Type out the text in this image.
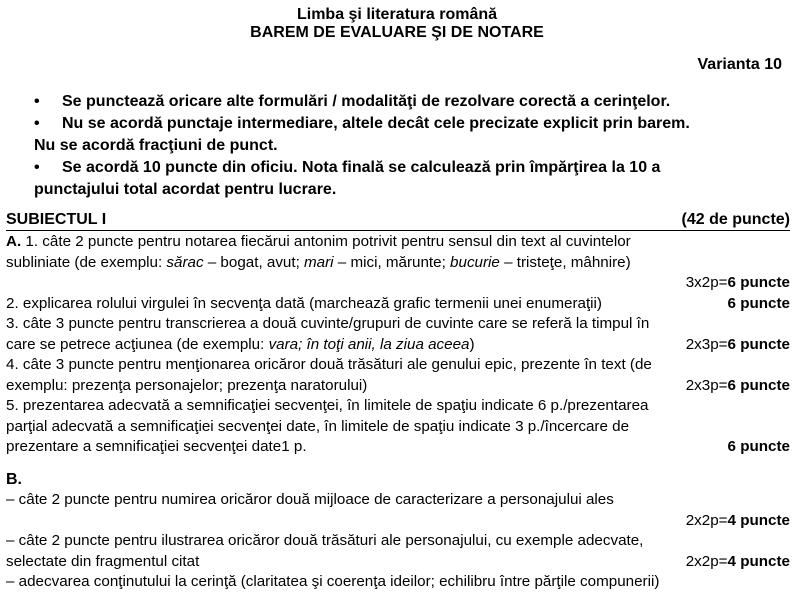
Limba şi literatura română
BAREM DE EVALUARE ŞI DE NOTARE
Varianta 10
• Se punctează oricare alte formulări / modalităţi de rezolvare corectă a cerinţelor.
• Nu se acordă punctaje intermediare, altele decât cele precizate explicit prin barem.
Nu se acordă fracţiuni de punct.
• Se acordă 10 puncte din oficiu. Nota finală se calculează prin împărţirea la 10 a
punctajului total acordat pentru lucrare.
SUBIECTUL I	(42 de puncte)
A. 1. câte 2 puncte pentru notarea fiecărui antonim potrivit pentru sensul din text al cuvintelor
subliniate (de exemplu: sărac – bogat, avut; mari – mici, mărunte; bucurie – tristeţe, mâhnire)
3x2p=6 puncte
2. explicarea rolului virgulei în secvenţa dată (marchează grafic termenii unei enumeraţii)	6 puncte
3. câte 3 puncte pentru transcrierea a două cuvinte/grupuri de cuvinte care se referă la timpul în
care se petrece acţiunea (de exemplu: vara; în toţi anii, la ziua aceea)	2x3p=6 puncte
4. câte 3 puncte pentru menţionarea oricăror două trăsături ale genului epic, prezente în text (de
exemplu: prezenţa personajelor; prezenţa naratorului)	2x3p=6 puncte
5. prezentarea adecvată a semnificaţiei secvenţei, în limitele de spaţiu indicate 6 p./prezentarea
parţial adecvată a semnificaţiei secvenţei date, în limitele de spaţiu indicate 3 p./încercare de
prezentare a semnificaţiei secvenţei date1 p.	6 puncte
B.
– câte 2 puncte pentru numirea oricăror două mijloace de caracterizare a personajului ales
2x2p=4 puncte
– câte 2 puncte pentru ilustrarea oricăror două trăsături ale personajului, cu exemple adecvate,
selectate din fragmentul citat	2x2p=4 puncte
– adecvarea conţinutului la cerinţă (claritatea şi coerenţa ideilor; echilibru între părţile compunerii)
